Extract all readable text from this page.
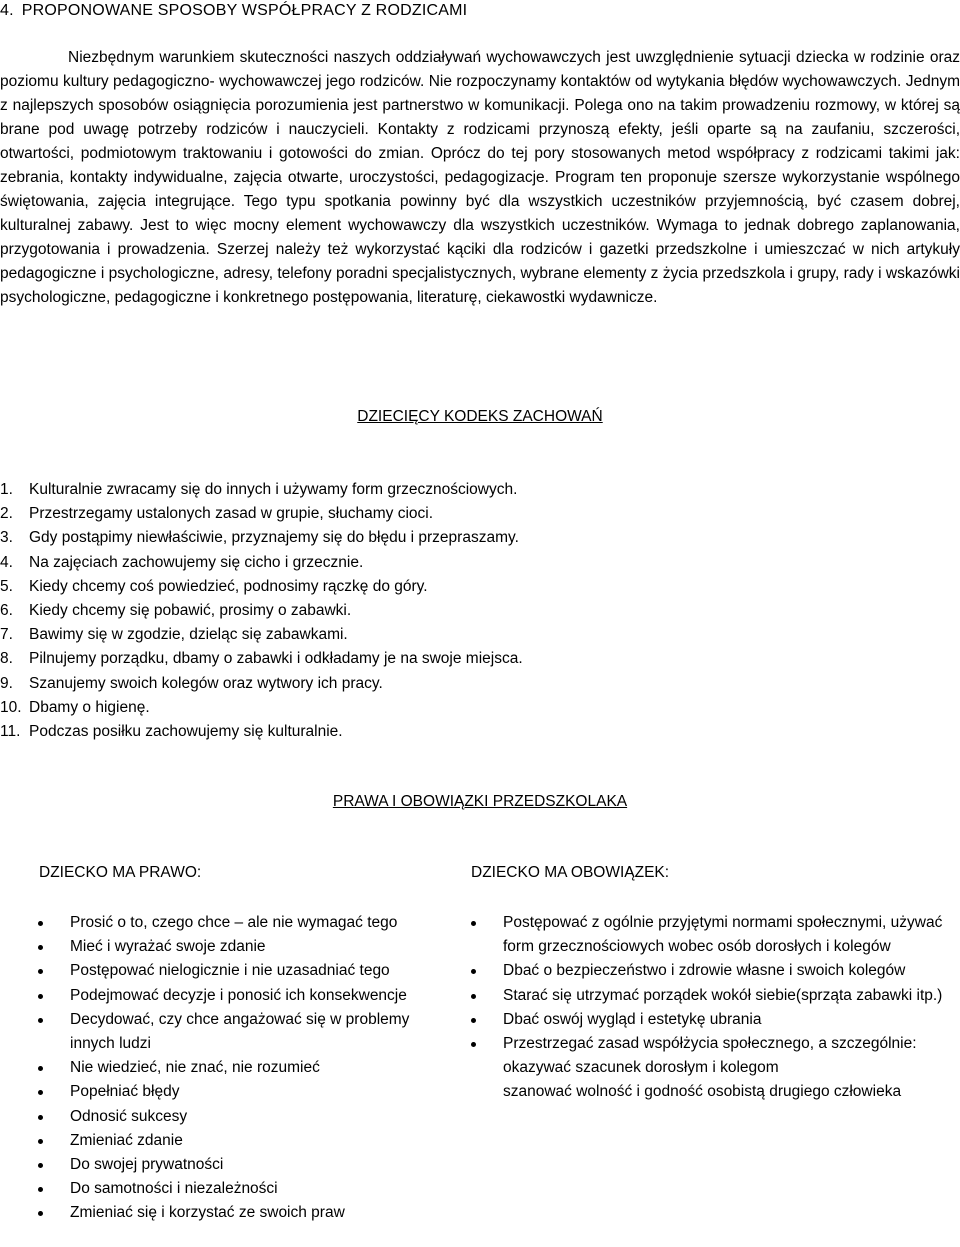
4. PROPONOWANE SPOSOBY WSPÓŁPRACY Z RODZICAMI

Niezbędnym warunkiem skuteczności naszych oddziaływań wychowawczych jest uwzględnienie sytuacji dziecka w rodzinie oraz poziomu kultury pedagogiczno- wychowawczej jego rodziców. Nie rozpoczynamy kontaktów od wytykania błędów wychowawczych. Jednym z najlepszych sposobów osiągnięcia porozumienia jest partnerstwo w komunikacji. Polega ono na takim prowadzeniu rozmowy, w której są brane pod uwagę potrzeby rodziców i nauczycieli. Kontakty z rodzicami przynoszą efekty, jeśli oparte są na zaufaniu, szczerości, otwartości, podmiotowym traktowaniu i gotowości do zmian. Oprócz do tej pory stosowanych metod współpracy z rodzicami takimi jak: zebrania, kontakty indywidualne, zajęcia otwarte, uroczystości, pedagogizacje. Program ten proponuje szersze wykorzystanie wspólnego świętowania, zajęcia integrujące. Tego typu spotkania powinny być dla wszystkich uczestników przyjemnością, być czasem dobrej, kulturalnej zabawy. Jest to więc mocny element wychowawczy dla wszystkich uczestników. Wymaga to jednak dobrego zaplanowania, przygotowania i prowadzenia. Szerzej należy też wykorzystać kąciki dla rodziców i gazetki przedszkolne i umieszczać w nich artykuły pedagogiczne i psychologiczne, adresy, telefony poradni specjalistycznych, wybrane elementy z życia przedszkola i grupy, rady i wskazówki psychologiczne, pedagogiczne i konkretnego postępowania, literaturę, ciekawostki wydawnicze.

DZIECIĘCY KODEKS ZACHOWAŃ
1.	Kulturalnie zwracamy się do innych i używamy form grzecznościowych.
2.	Przestrzegamy ustalonych zasad w grupie, słuchamy cioci.
3.	Gdy postąpimy niewłaściwie, przyznajemy się do błędu i przepraszamy.
4.	Na zajęciach zachowujemy się cicho i grzecznie.
5.	Kiedy chcemy coś powiedzieć, podnosimy rączkę do góry.
6.	Kiedy chcemy się pobawić, prosimy o zabawki.
7.	Bawimy się w zgodzie, dzieląc się zabawkami.
8.	Pilnujemy porządku, dbamy o zabawki i odkładamy je na swoje miejsca.
9.	Szanujemy swoich kolegów oraz wytwory ich pracy.
10. Dbamy o higienę.
11. Podczas posiłku zachowujemy się kulturalnie.
PRAWA I OBOWIĄZKI PRZEDSZKOLAKA
DZIECKO MA PRAWO:	DZIECKO MA OBOWIĄZEK:
Prosić o to, czego chce – ale nie wymagać tego
Mieć i wyrażać swoje zdanie
Postępować nielogicznie i nie uzasadniać tego
Podejmować decyzje i ponosić ich konsekwencje
Decydować, czy chce angażować się w problemy innych ludzi
Nie wiedzieć, nie znać, nie rozumieć
Popełniać błędy
Odnosić sukcesy
Zmieniać zdanie
Do swojej prywatności
Do samotności i niezależności
Zmieniać się i korzystać ze swoich praw
Postępować z ogólnie przyjętymi normami społecznymi, używać form grzecznościowych wobec osób dorosłych i kolegów
Dbać o bezpieczeństwo i zdrowie własne i swoich kolegów
Starać się utrzymać porządek wokół siebie(sprząta zabawki itp.)
Dbać oswój wygląd i estetykę ubrania
Przestrzegać zasad współżycia społecznego, a szczególnie:
okazywać szacunek dorosłym i kolegom
szanować wolność i godność osobistą drugiego człowieka
